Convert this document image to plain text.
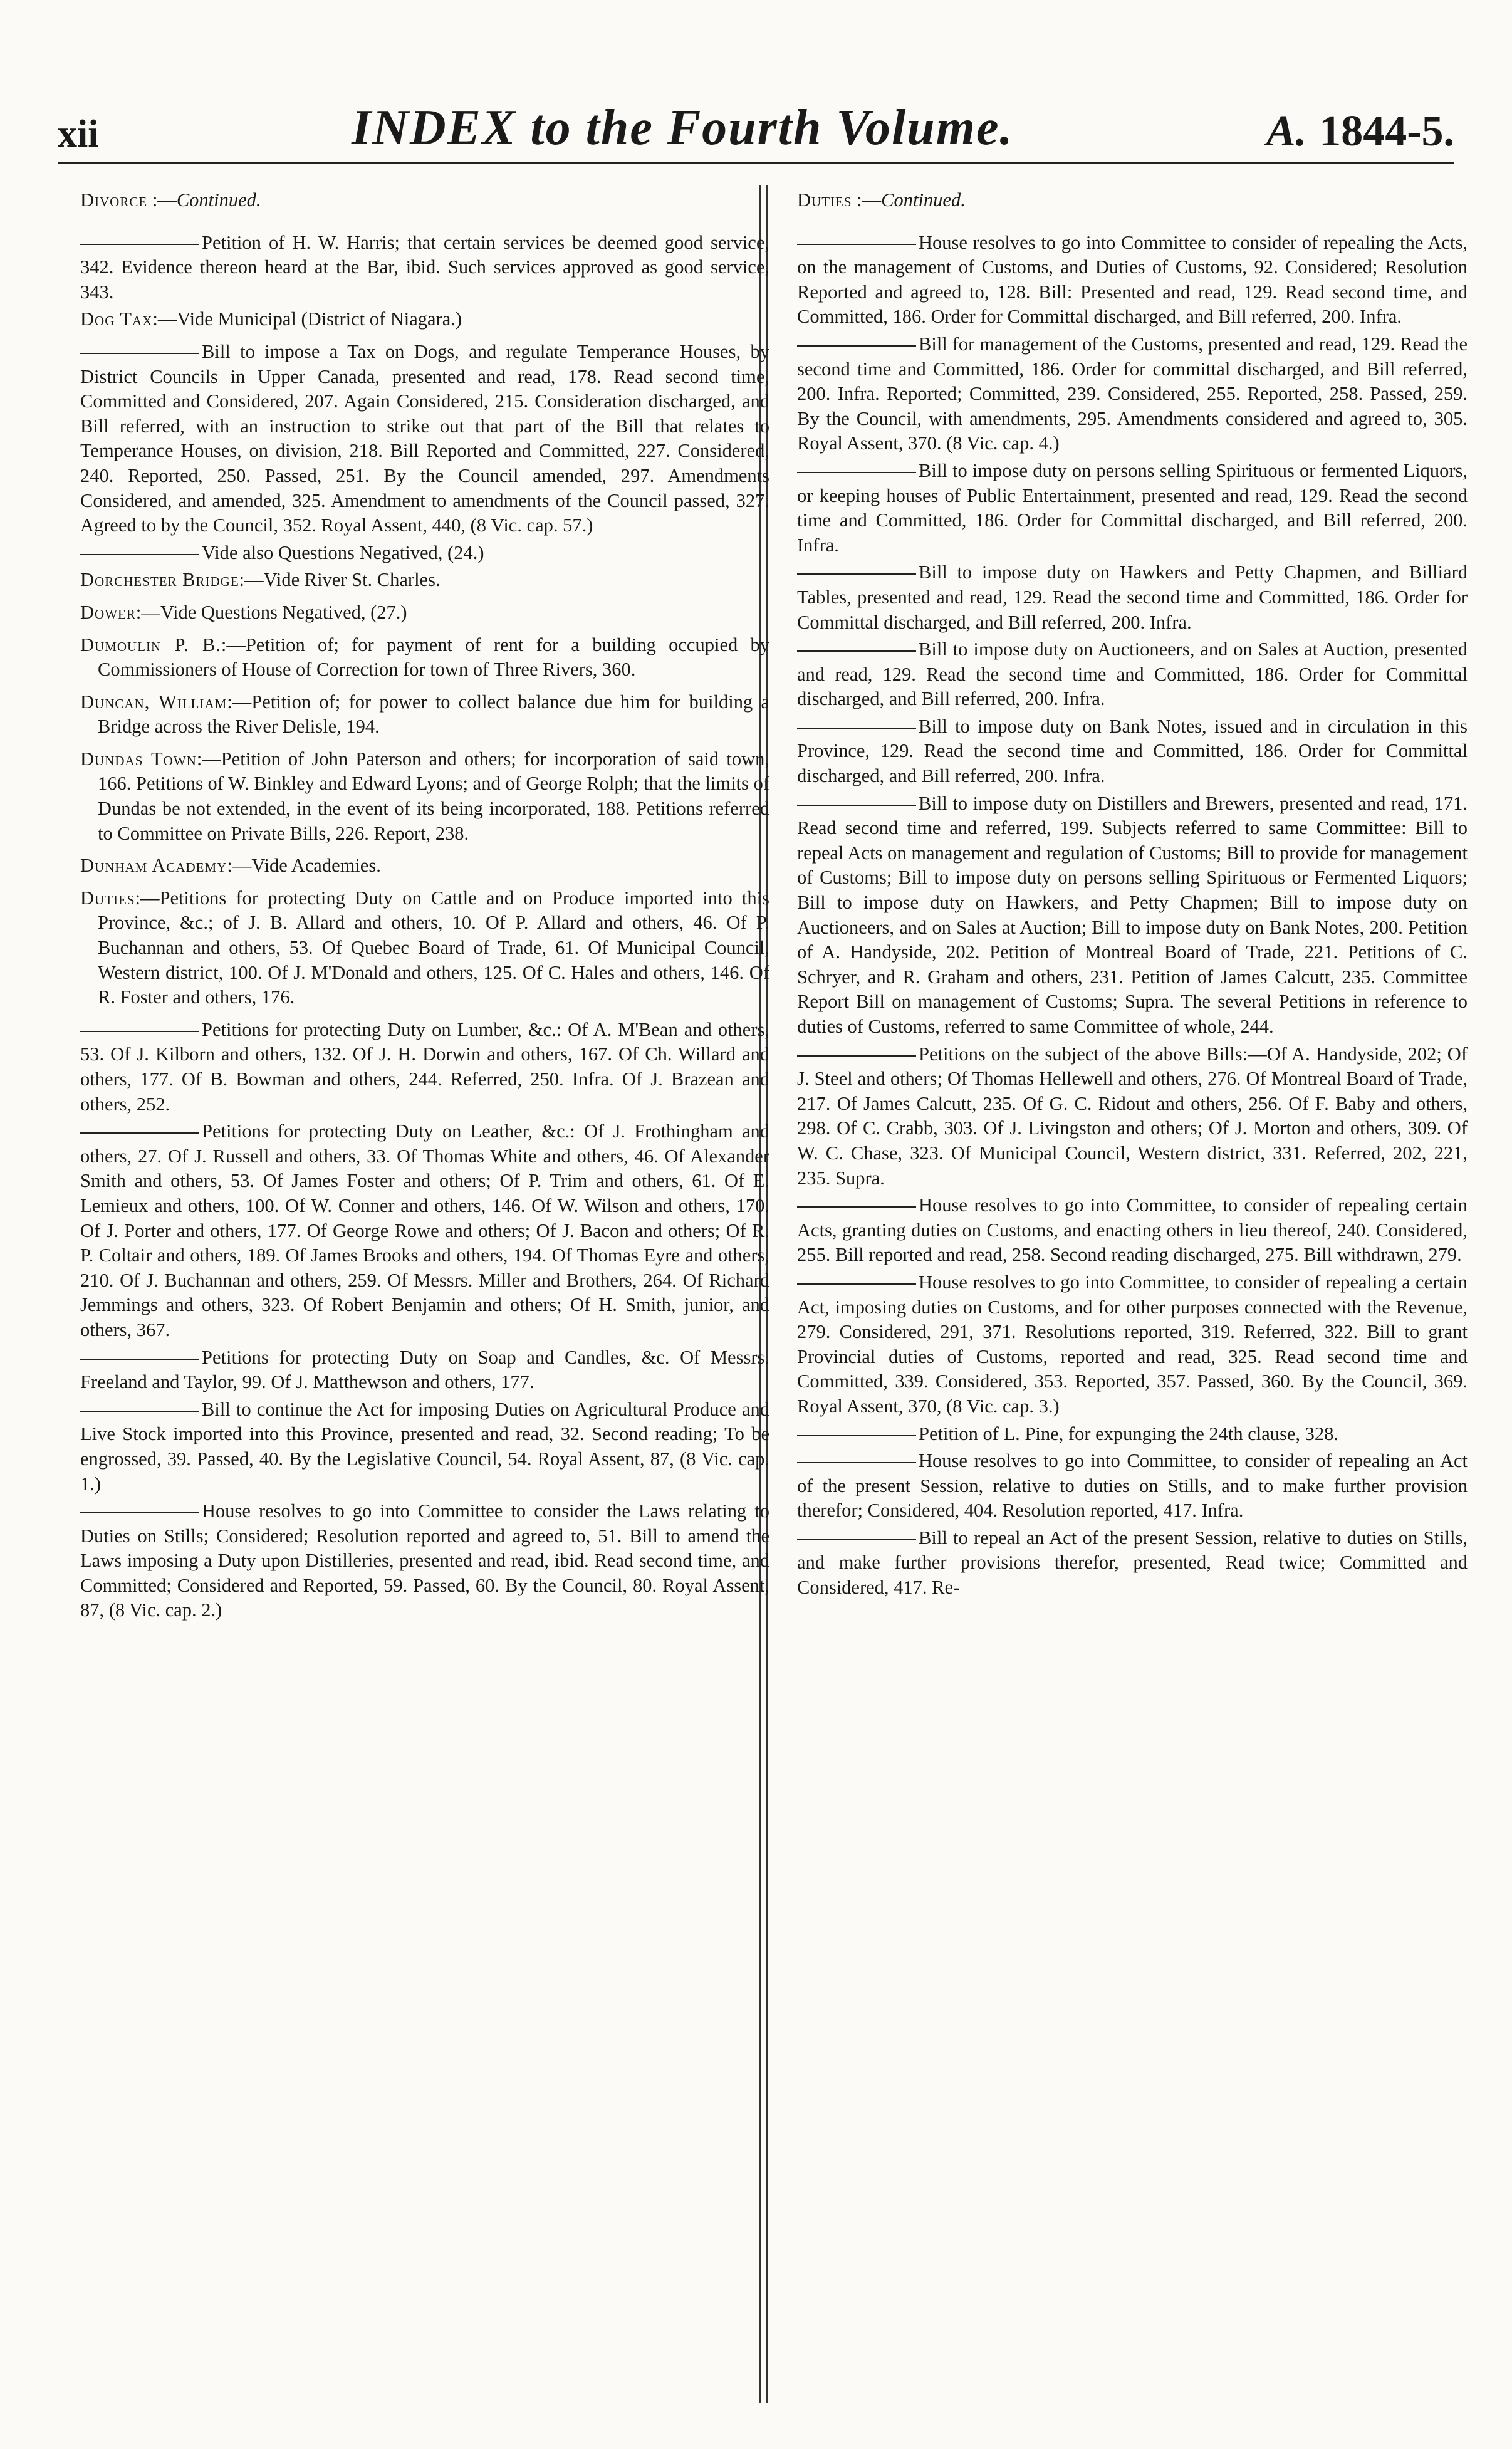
xii	INDEX to the Fourth Volume.	A. 1844-5.

Divorce :—Continued.

Petition of H. W. Harris; that certain services be deemed good service, 342. Evidence thereon heard at the Bar, ibid. Such services approved as good service, 343.

Dog Tax:—Vide Municipal (District of Niagara.)

Bill to impose a Tax on Dogs, and regulate Temperance Houses, by District Councils in Upper Canada, presented and read, 178. Read second time, Committed and Considered, 207. Again Considered, 215. Consideration discharged, and Bill referred, with an instruction to strike out that part of the Bill that relates to Temperance Houses, on division, 218. Bill Reported and Committed, 227. Considered, 240. Reported, 250. Passed, 251. By the Council amended, 297. Amendments Considered, and amended, 325. Amendment to amendments of the Council passed, 327. Agreed to by the Council, 352. Royal Assent, 440, (8 Vic. cap. 57.)

Vide also Questions Negatived, (24.)

Dorchester Bridge:—Vide River St. Charles.

Dower:—Vide Questions Negatived, (27.)

Dumoulin P. B.:—Petition of; for payment of rent for a building occupied by Commissioners of House of Correction for town of Three Rivers, 360.

Duncan, William:—Petition of; for power to collect balance due him for building a Bridge across the River Delisle, 194.

Dundas Town:—Petition of John Paterson and others; for incorporation of said town, 166. Petitions of W. Binkley and Edward Lyons; and of George Rolph; that the limits of Dundas be not extended, in the event of its being incorporated, 188. Petitions referred to Committee on Private Bills, 226. Report, 238.

Dunham Academy:—Vide Academies.

Duties:—Petitions for protecting Duty on Cattle and on Produce imported into this Province, &c.; of J. B. Allard and others, 10. Of P. Allard and others, 46. Of P. Buchannan and others, 53. Of Quebec Board of Trade, 61. Of Municipal Council, Western district, 100. Of J. M'Donald and others, 125. Of C. Hales and others, 146. Of R. Foster and others, 176.

Petitions for protecting Duty on Lumber, &c.: Of A. M'Bean and others, 53. Of J. Kilborn and others, 132. Of J. H. Dorwin and others, 167. Of Ch. Willard and others, 177. Of B. Bowman and others, 244. Referred, 250. Infra. Of J. Brazean and others, 252.

Petitions for protecting Duty on Leather, &c.: Of J. Frothingham and others, 27. Of J. Russell and others, 33. Of Thomas White and others, 46. Of Alexander Smith and others, 53. Of James Foster and others; Of P. Trim and others, 61. Of E. Lemieux and others, 100. Of W. Conner and others, 146. Of W. Wilson and others, 170. Of J. Porter and others, 177. Of George Rowe and others; Of J. Bacon and others; Of R. P. Coltair and others, 189. Of James Brooks and others, 194. Of Thomas Eyre and others, 210. Of J. Buchannan and others, 259. Of Messrs. Miller and Brothers, 264. Of Richard Jemmings and others, 323. Of Robert Benjamin and others; Of H. Smith, junior, and others, 367.

Petitions for protecting Duty on Soap and Candles, &c. Of Messrs. Freeland and Taylor, 99. Of J. Matthewson and others, 177.

Bill to continue the Act for imposing Duties on Agricultural Produce and Live Stock imported into this Province, presented and read, 32. Second reading; To be engrossed, 39. Passed, 40. By the Legislative Council, 54. Royal Assent, 87, (8 Vic. cap. 1.)

House resolves to go into Committee to consider the Laws relating to Duties on Stills; Considered; Resolution reported and agreed to, 51. Bill to amend the Laws imposing a Duty upon Distilleries, presented and read, ibid. Read second time, and Committed; Considered and Reported, 59. Passed, 60. By the Council, 80. Royal Assent, 87, (8 Vic. cap. 2.)

Duties :—Continued.

House resolves to go into Committee to consider of repealing the Acts, on the management of Customs, and Duties of Customs, 92. Considered; Resolution Reported and agreed to, 128. Bill: Presented and read, 129. Read second time, and Committed, 186. Order for Committal discharged, and Bill referred, 200. Infra.

Bill for management of the Customs, presented and read, 129. Read the second time and Committed, 186. Order for committal discharged, and Bill referred, 200. Infra. Reported; Committed, 239. Considered, 255. Reported, 258. Passed, 259. By the Council, with amendments, 295. Amendments considered and agreed to, 305. Royal Assent, 370. (8 Vic. cap. 4.)

Bill to impose duty on persons selling Spirituous or fermented Liquors, or keeping houses of Public Entertainment, presented and read, 129. Read the second time and Committed, 186. Order for Committal discharged, and Bill referred, 200. Infra.

Bill to impose duty on Hawkers and Petty Chapmen, and Billiard Tables, presented and read, 129. Read the second time and Committed, 186. Order for Committal discharged, and Bill referred, 200. Infra.

Bill to impose duty on Auctioneers, and on Sales at Auction, presented and read, 129. Read the second time and Committed, 186. Order for Committal discharged, and Bill referred, 200. Infra.

Bill to impose duty on Bank Notes, issued and in circulation in this Province, 129. Read the second time and Committed, 186. Order for Committal discharged, and Bill referred, 200. Infra.

Bill to impose duty on Distillers and Brewers, presented and read, 171. Read second time and referred, 199. Subjects referred to same Committee: Bill to repeal Acts on management and regulation of Customs; Bill to provide for management of Customs; Bill to impose duty on persons selling Spirituous or Fermented Liquors; Bill to impose duty on Hawkers, and Petty Chapmen; Bill to impose duty on Auctioneers, and on Sales at Auction; Bill to impose duty on Bank Notes, 200. Petition of A. Handyside, 202. Petition of Montreal Board of Trade, 221. Petitions of C. Schryer, and R. Graham and others, 231. Petition of James Calcutt, 235. Committee Report Bill on management of Customs; Supra. The several Petitions in reference to duties of Customs, referred to same Committee of whole, 244.

Petitions on the subject of the above Bills:—Of A. Handyside, 202; Of J. Steel and others; Of Thomas Hellewell and others, 276. Of Montreal Board of Trade, 217. Of James Calcutt, 235. Of G. C. Ridout and others, 256. Of F. Baby and others, 298. Of C. Crabb, 303. Of J. Livingston and others; Of J. Morton and others, 309. Of W. C. Chase, 323. Of Municipal Council, Western district, 331. Referred, 202, 221, 235. Supra.

House resolves to go into Committee, to consider of repealing certain Acts, granting duties on Customs, and enacting others in lieu thereof, 240. Considered, 255. Bill reported and read, 258. Second reading discharged, 275. Bill withdrawn, 279.

House resolves to go into Committee, to consider of repealing a certain Act, imposing duties on Customs, and for other purposes connected with the Revenue, 279. Considered, 291, 371. Resolutions reported, 319. Referred, 322. Bill to grant Provincial duties of Customs, reported and read, 325. Read second time and Committed, 339. Considered, 353. Reported, 357. Passed, 360. By the Council, 369. Royal Assent, 370, (8 Vic. cap. 3.)

Petition of L. Pine, for expunging the 24th clause, 328.

House resolves to go into Committee, to consider of repealing an Act of the present Session, relative to duties on Stills, and to make further provision therefor; Considered, 404. Resolution reported, 417. Infra.

Bill to repeal an Act of the present Session, relative to duties on Stills, and make further provisions therefor, presented, Read twice; Committed and Considered, 417. Re-
